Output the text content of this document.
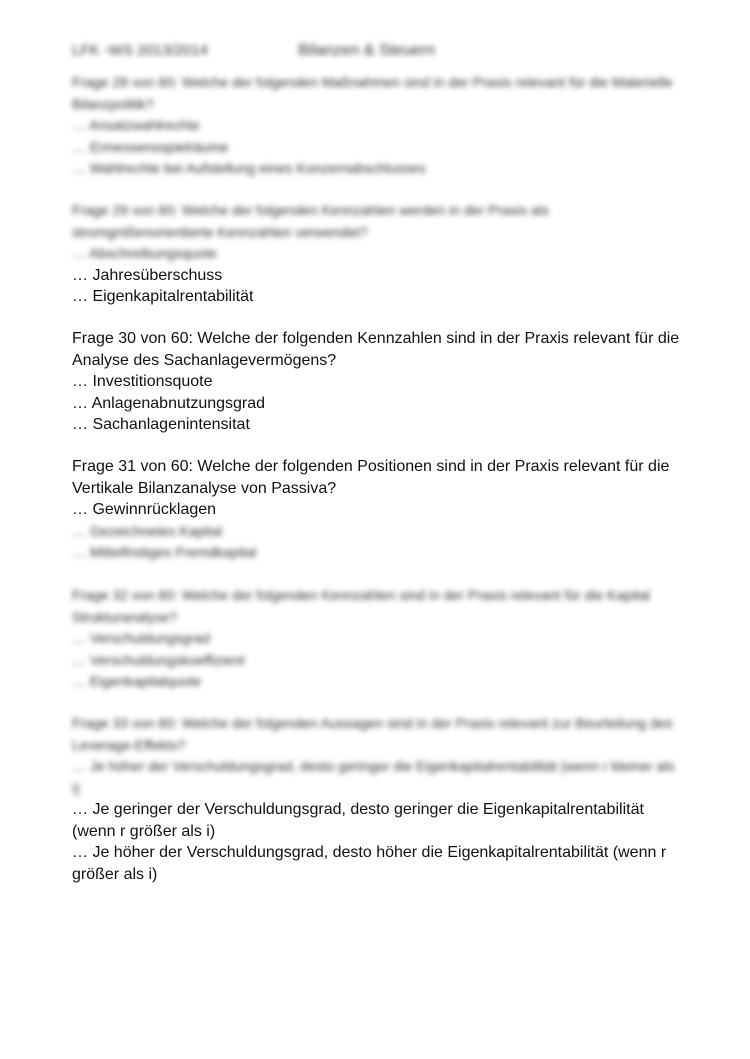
LFK -WS 2013/2014	Bilanzen & Steuern

Frage 28 von 60: Welche der folgenden Maßnahmen sind in der Praxis relevant für die Materielle Bilanzpolitik?

… Ansatzwahlrechte

… Ermessensspielräume

… Wahlrechte bei Aufstellung eines Konzernabschlusses

Frage 29 von 60: Welche der folgenden Kennzahlen werden in der Praxis als stromgrößenorientierte Kennzahlen verwendet?

… Abschreibungsquote

… Jahresüberschuss

… Eigenkapitalrentabilität

Frage 30 von 60: Welche der folgenden Kennzahlen sind in der Praxis relevant für die Analyse des Sachanlagevermögens?

… Investitionsquote

… Anlagenabnutzungsgrad

… Sachanlagenintensitat

Frage 31 von 60: Welche der folgenden Positionen sind in der Praxis relevant für die Vertikale Bilanzanalyse von Passiva?

… Gewinnrücklagen

… Gezeichnetes Kapital

… Mittelfristiges Fremdkapital

Frage 32 von 60: Welche der folgenden Kennzahlen sind in der Praxis relevant für die Kapital Strukturanalyse?

… Verschuldungsgrad

… Verschuldungskoeffizient

… Eigenkapitalquote

Frage 33 von 60: Welche der folgenden Aussagen sind in der Praxis relevant zur Beurteilung des Leverage-Effekts?

… Je höher der Verschuldungsgrad, desto geringer die Eigenkapitalrentabilität (wenn r kleiner als i)

… Je geringer der Verschuldungsgrad, desto geringer die Eigenkapitalrentabilität (wenn r größer als i)

… Je höher der Verschuldungsgrad, desto höher die Eigenkapitalrentabilität (wenn r größer als i)
